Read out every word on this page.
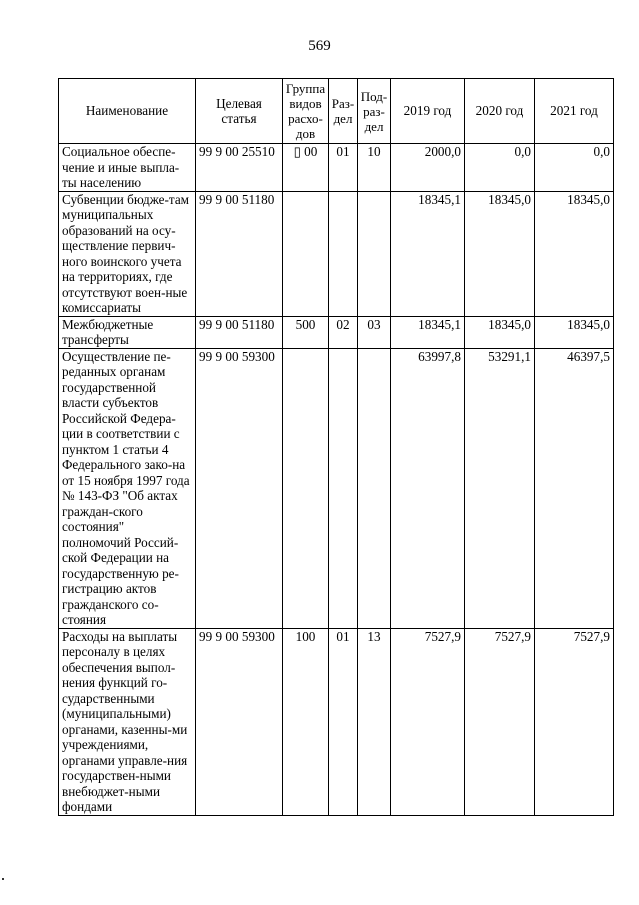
569
Наименование	Целевая статья	Группа видов расхо-дов	Раз-дел	Под-раз-дел	2019 год	2020 год	2021 год
Социальное обеспе-чение и иные выпла-ты населению	99 9 00 25510	▯ 00	01	10	2000,0	0,0	0,0
Субвенции бюдже-там муниципальных образований на осу-ществление первич-ного воинского учета на территориях, где отсутствуют воен-ные комиссариаты	99 9 00 51180				18345,1	18345,0	18345,0
Межбюджетные трансферты	99 9 00 51180	500	02	03	18345,1	18345,0	18345,0
Осуществление пе-реданных органам государственной власти субъектов Российской Федера-ции в соответствии с пунктом 1 статьи 4 Федерального зако-на от 15 ноября 1997 года № 143-ФЗ "Об актах граждан-ского состояния" полномочий Россий-ской Федерации на государственную ре-гистрацию актов гражданского со-стояния	99 9 00 59300				63997,8	53291,1	46397,5
Расходы на выплаты персоналу в целях обеспечения выпол-нения функций го-сударственными (муниципальными) органами, казенны-ми учреждениями, органами управле-ния государствен-ными внебюджет-ными фондами	99 9 00 59300	100	01	13	7527,9	7527,9	7527,9
